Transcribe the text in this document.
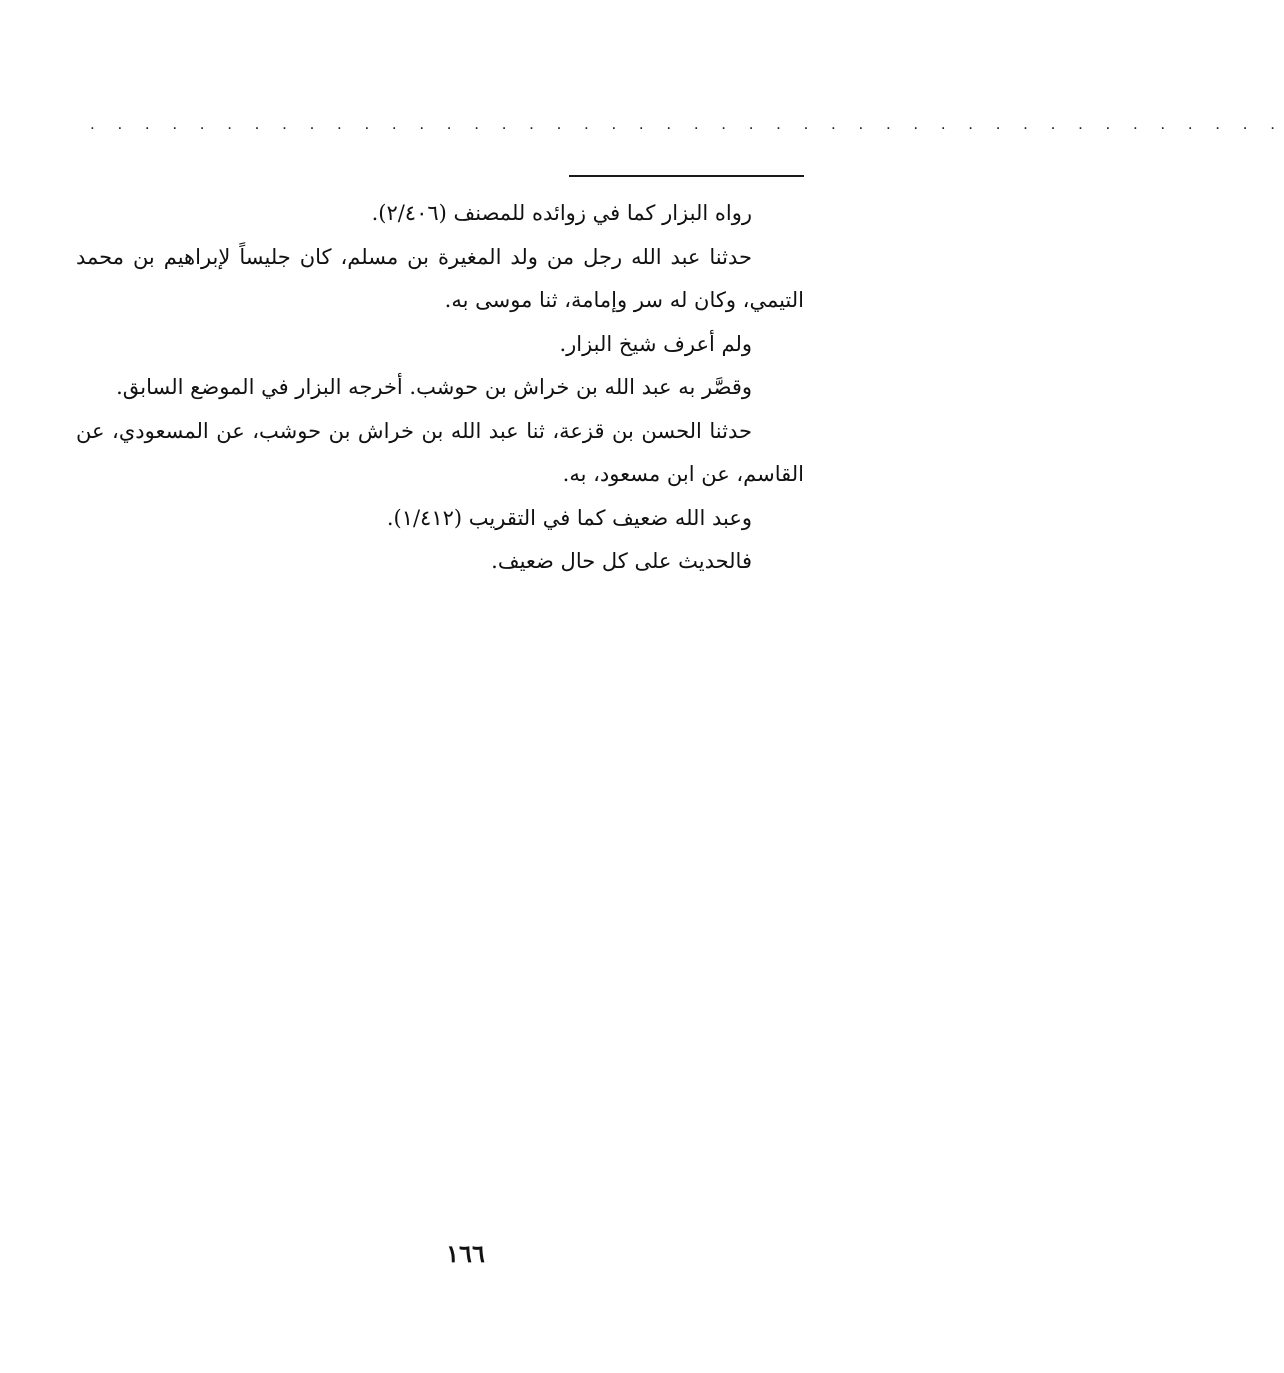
. . . . . . . . . . . . . . . . . . . . . . . . . . . . . . . . . . . . . . . . . . . .

رواه البزار كما في زوائده للمصنف (٢/٤٠٦).

حدثنا عبد الله رجل من ولد المغيرة بن مسلم، كان جليساً لإبراهيم بن محمد التيمي، وكان له سر وإمامة، ثنا موسى به.

ولم أعرف شيخ البزار.

وقصَّر به عبد الله بن خراش بن حوشب. أخرجه البزار في الموضع السابق.

حدثنا الحسن بن قزعة، ثنا عبد الله بن خراش بن حوشب، عن المسعودي، عن القاسم، عن ابن مسعود، به.

وعبد الله ضعيف كما في التقريب (١/٤١٢).

فالحديث على كل حال ضعيف.

١٦٦
